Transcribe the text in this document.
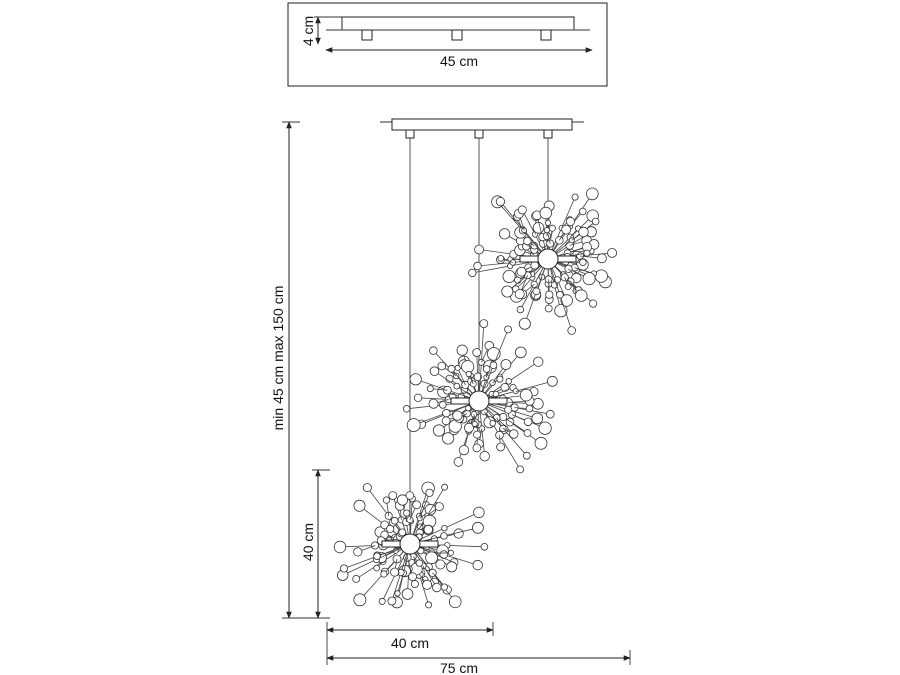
4 cm
45 cm
min 45 cm max 150 cm
40 cm
40 cm
75 cm
